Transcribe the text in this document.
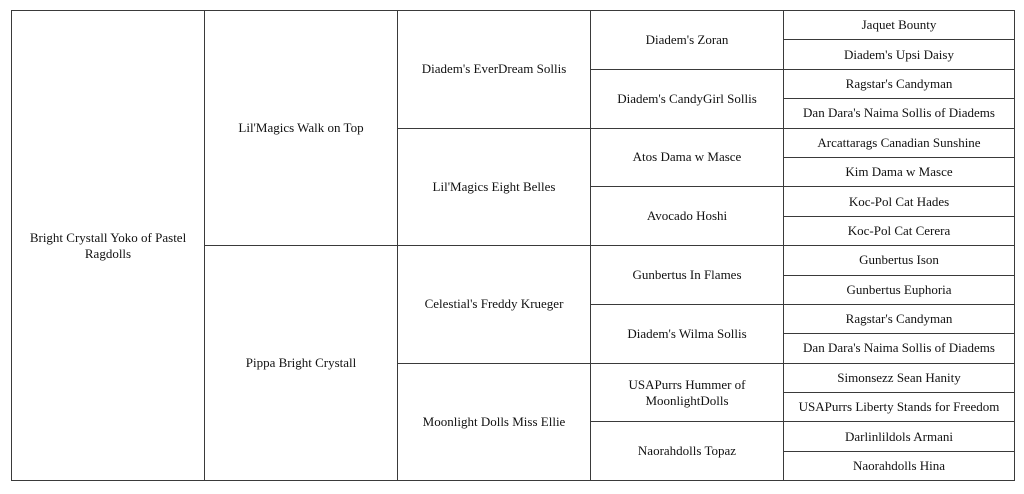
Bright Crystall Yoko of Pastel Ragdolls	Lil'Magics Walk on Top	Diadem's EverDream Sollis	Diadem's Zoran	Jaquet Bounty
				Diadem's Upsi Daisy
			Diadem's CandyGirl Sollis	Ragstar's Candyman
				Dan Dara's Naima Sollis of Diadems
		Lil'Magics Eight Belles	Atos Dama w Masce	Arcattarags Canadian Sunshine
				Kim Dama w Masce
			Avocado Hoshi	Koc-Pol Cat Hades
				Koc-Pol Cat Cerera
	Pippa Bright Crystall	Celestial's Freddy Krueger	Gunbertus In Flames	Gunbertus Ison
				Gunbertus Euphoria
			Diadem's Wilma Sollis	Ragstar's Candyman
				Dan Dara's Naima Sollis of Diadems
		Moonlight Dolls Miss Ellie	USAPurrs Hummer of MoonlightDolls	Simonsezz Sean Hanity
				USAPurrs Liberty Stands for Freedom
			Naorahdolls Topaz	Darlinlildols Armani
				Naorahdolls Hina
